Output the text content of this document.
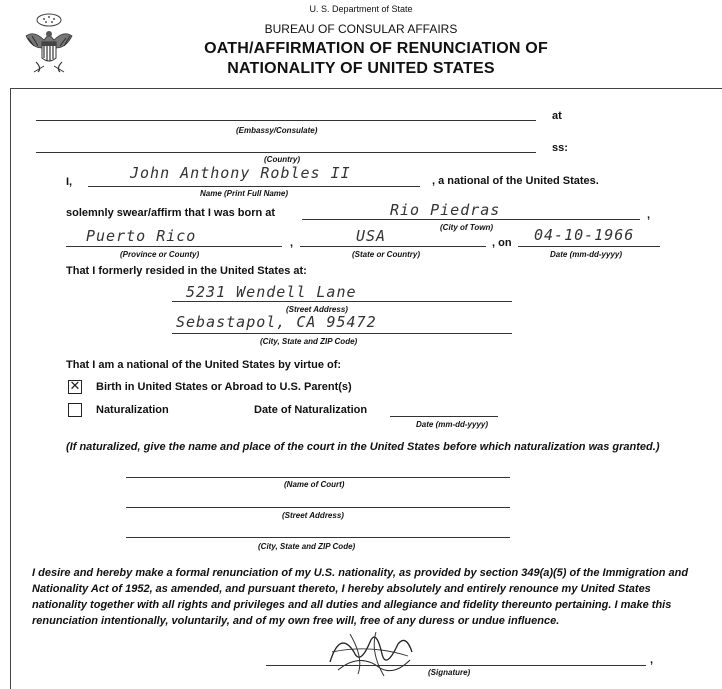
U. S. Department of State
BUREAU OF CONSULAR AFFAIRS
OATH/AFFIRMATION OF RENUNCIATION OF
NATIONALITY OF UNITED STATES
at
(Embassy/Consulate)
ss:
(Country)
I,	John Anthony Robles II	, a national of the United States.
Name (Print Full Name)
solemnly swear/affirm that I was born at	Rio Piedras	,
(City of Town)
Puerto Rico	,
(Province or County)
USA	, on
(State or Country)
04-10-1966
Date (mm-dd-yyyy)
That I formerly resided in the United States at:
5231 Wendell Lane
(Street Address)
Sebastapol, CA 95472
(City, State and ZIP Code)
That I am a national of the United States by virtue of:
✕ Birth in United States or Abroad to U.S. Parent(s)
Naturalization	Date of Naturalization
Date (mm-dd-yyyy)
(If naturalized, give the name and place of the court in the United States before which naturalization was granted.)
(Name of Court)
(Street Address)
(City, State and ZIP Code)
I desire and hereby make a formal renunciation of my U.S. nationality, as provided by section 349(a)(5) of the Immigration and Nationality Act of 1952, as amended, and pursuant thereto, I hereby absolutely and entirely renounce my United States nationality together with all rights and privileges and all duties and allegiance and fidelity thereunto pertaining. I make this renunciation intentionally, voluntarily, and of my own free will, free of any duress or undue influence.
,
(Signature)
